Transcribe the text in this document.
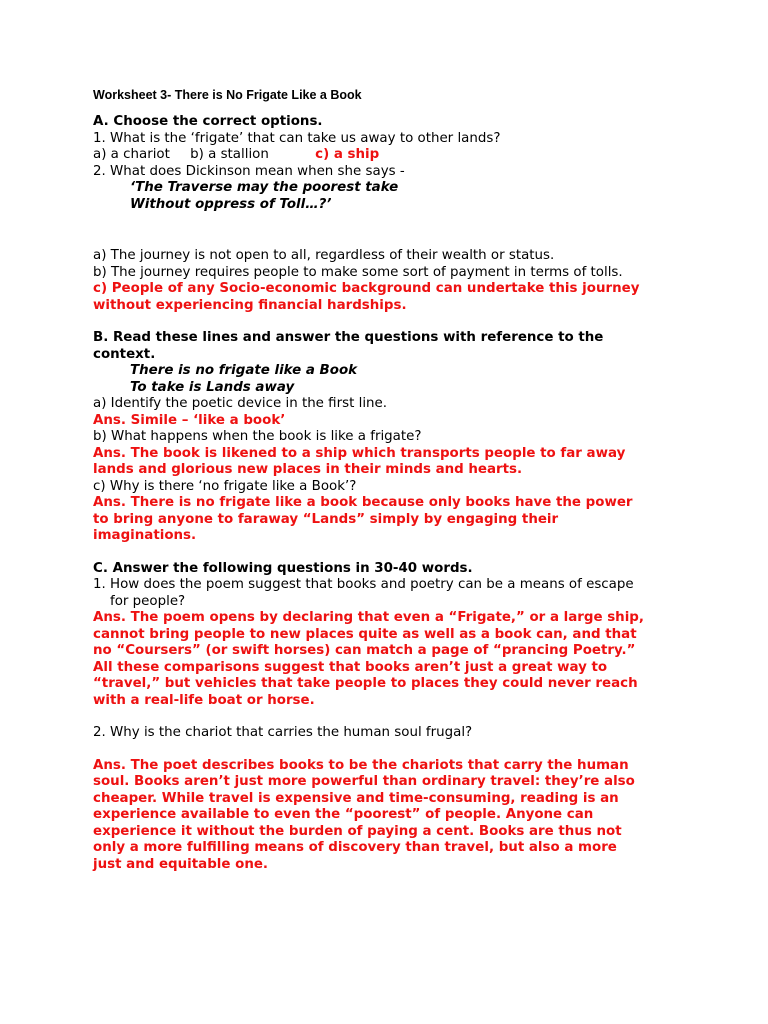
Worksheet 3- There is No Frigate Like a Book
A. Choose the correct options.
1. What is the ‘frigate’ that can take us away to other lands?
a) a chariot b) a stallion	c) a ship
2. What does Dickinson mean when she says -
‘The Traverse may the poorest take
Without oppress of Toll…?’
a) The journey is not open to all, regardless of their wealth or status.
b) The journey requires people to make some sort of payment in terms of tolls.
c) People of any Socio-economic background can undertake this journey
without experiencing financial hardships.
B. Read these lines and answer the questions with reference to the
context.
There is no frigate like a Book
To take is Lands away
a) Identify the poetic device in the first line.
Ans. Simile – ‘like a book’
b) What happens when the book is like a frigate?
Ans. The book is likened to a ship which transports people to far away
lands and glorious new places in their minds and hearts.
c) Why is there ‘no frigate like a Book’?
Ans. There is no frigate like a book because only books have the power
to bring anyone to faraway “Lands” simply by engaging their
imaginations.
C. Answer the following questions in 30-40 words.
1. How does the poem suggest that books and poetry can be a means of escape
for people?
Ans. The poem opens by declaring that even a “Frigate,” or a large ship,
cannot bring people to new places quite as well as a book can, and that
no “Coursers” (or swift horses) can match a page of “prancing Poetry.”
All these comparisons suggest that books aren’t just a great way to
“travel,” but vehicles that take people to places they could never reach
with a real-life boat or horse.
2. Why is the chariot that carries the human soul frugal?
Ans. The poet describes books to be the chariots that carry the human
soul. Books aren’t just more powerful than ordinary travel: they’re also
cheaper. While travel is expensive and time-consuming, reading is an
experience available to even the “poorest” of people. Anyone can
experience it without the burden of paying a cent. Books are thus not
only a more fulfilling means of discovery than travel, but also a more
just and equitable one.
